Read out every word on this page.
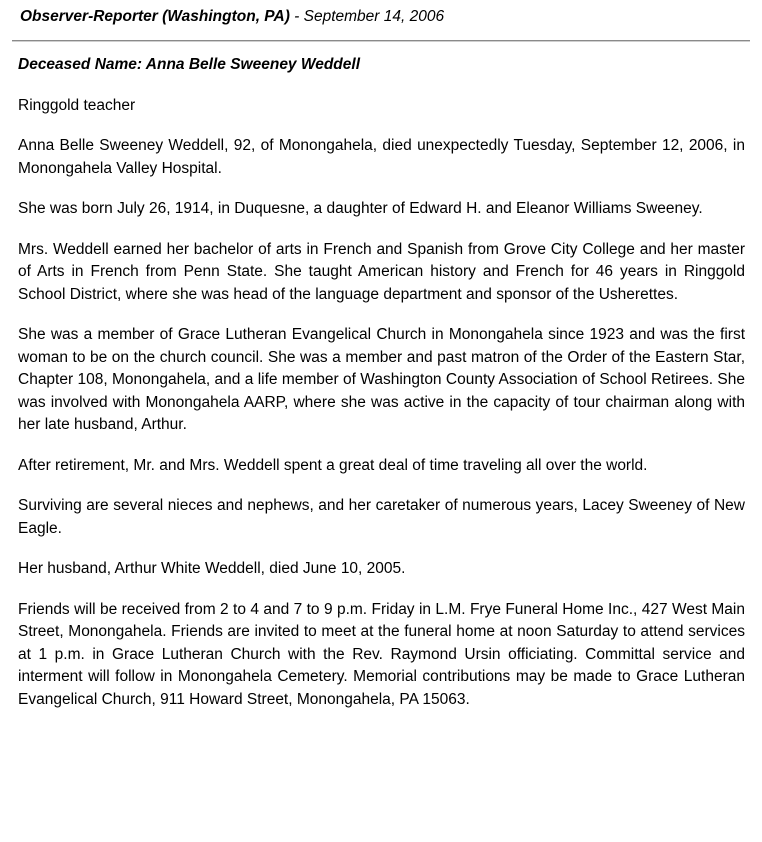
Observer-Reporter (Washington, PA) - September 14, 2006
Deceased Name: Anna Belle Sweeney Weddell

Ringgold teacher

Anna Belle Sweeney Weddell, 92, of Monongahela, died unexpectedly Tuesday, September 12, 2006, in Monongahela Valley Hospital.

She was born July 26, 1914, in Duquesne, a daughter of Edward H. and Eleanor Williams Sweeney.

Mrs. Weddell earned her bachelor of arts in French and Spanish from Grove City College and her master of Arts in French from Penn State. She taught American history and French for 46 years in Ringgold School District, where she was head of the language department and sponsor of the Usherettes.

She was a member of Grace Lutheran Evangelical Church in Monongahela since 1923 and was the first woman to be on the church council. She was a member and past matron of the Order of the Eastern Star, Chapter 108, Monongahela, and a life member of Washington County Association of School Retirees. She was involved with Monongahela AARP, where she was active in the capacity of tour chairman along with her late husband, Arthur.

After retirement, Mr. and Mrs. Weddell spent a great deal of time traveling all over the world.

Surviving are several nieces and nephews, and her caretaker of numerous years, Lacey Sweeney of New Eagle.

Her husband, Arthur White Weddell, died June 10, 2005.

Friends will be received from 2 to 4 and 7 to 9 p.m. Friday in L.M. Frye Funeral Home Inc., 427 West Main Street, Monongahela. Friends are invited to meet at the funeral home at noon Saturday to attend services at 1 p.m. in Grace Lutheran Church with the Rev. Raymond Ursin officiating. Committal service and interment will follow in Monongahela Cemetery. Memorial contributions may be made to Grace Lutheran Evangelical Church, 911 Howard Street, Monongahela, PA 15063.
